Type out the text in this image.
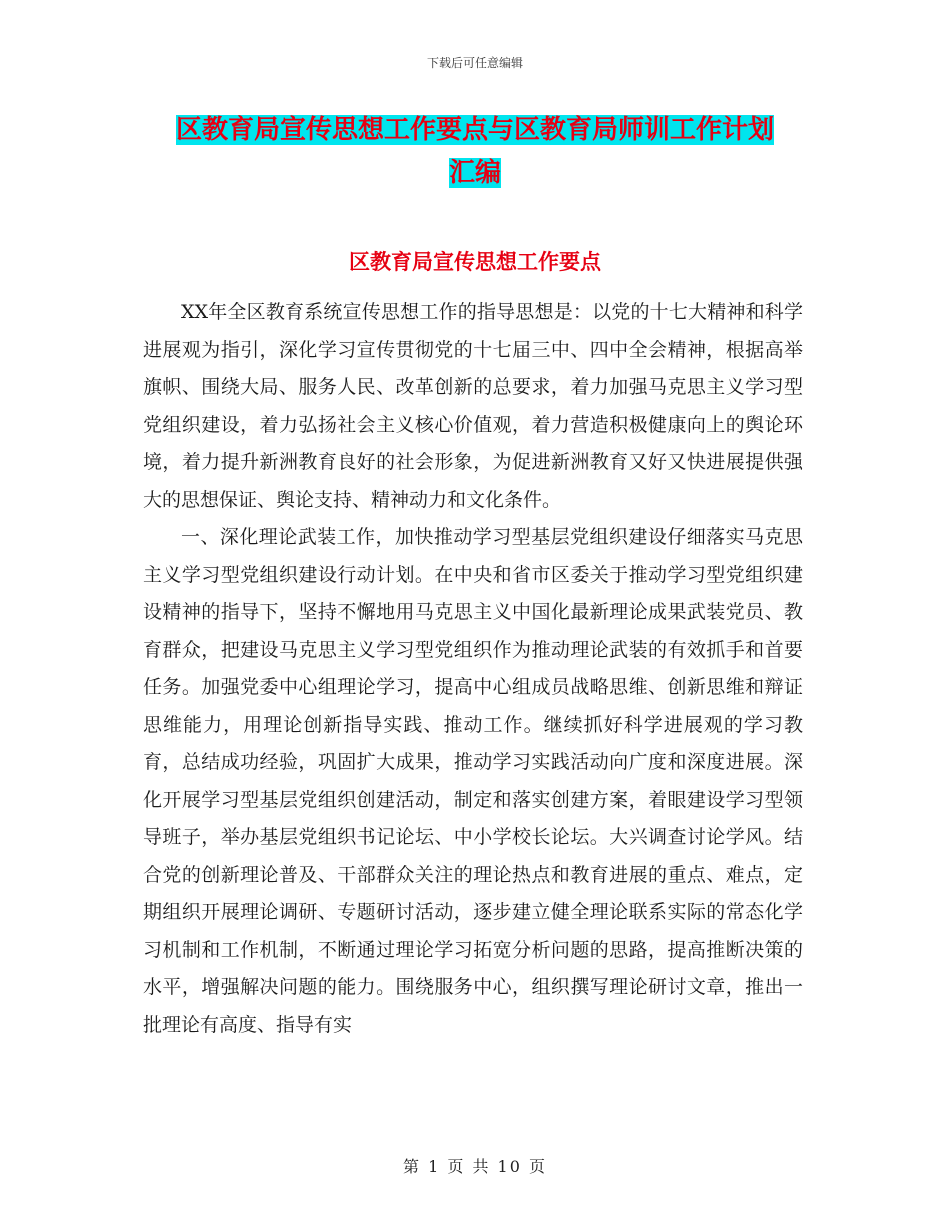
下载后可任意编辑
区教育局宣传思想工作要点与区教育局师训工作计划
汇编
区教育局宣传思想工作要点

XX年全区教育系统宣传思想工作的指导思想是：以党的十七大精神和科学进展观为指引，深化学习宣传贯彻党的十七届三中、四中全会精神，根据高举旗帜、围绕大局、服务人民、改革创新的总要求，着力加强马克思主义学习型党组织建设，着力弘扬社会主义核心价值观，着力营造积极健康向上的舆论环境，着力提升新洲教育良好的社会形象，为促进新洲教育又好又快进展提供强大的思想保证、舆论支持、精神动力和文化条件。

一、深化理论武装工作，加快推动学习型基层党组织建设仔细落实马克思主义学习型党组织建设行动计划。在中央和省市区委关于推动学习型党组织建设精神的指导下，坚持不懈地用马克思主义中国化最新理论成果武装党员、教育群众，把建设马克思主义学习型党组织作为推动理论武装的有效抓手和首要任务。加强党委中心组理论学习，提高中心组成员战略思维、创新思维和辩证思维能力，用理论创新指导实践、推动工作。继续抓好科学进展观的学习教育，总结成功经验，巩固扩大成果，推动学习实践活动向广度和深度进展。深化开展学习型基层党组织创建活动，制定和落实创建方案，着眼建设学习型领导班子，举办基层党组织书记论坛、中小学校长论坛。大兴调查讨论学风。结合党的创新理论普及、干部群众关注的理论热点和教育进展的重点、难点，定期组织开展理论调研、专题研讨活动，逐步建立健全理论联系实际的常态化学习机制和工作机制，不断通过理论学习拓宽分析问题的思路，提高推断决策的水平，增强解决问题的能力。围绕服务中心，组织撰写理论研讨文章，推出一批理论有高度、指导有实

第 1 页 共 10 页
